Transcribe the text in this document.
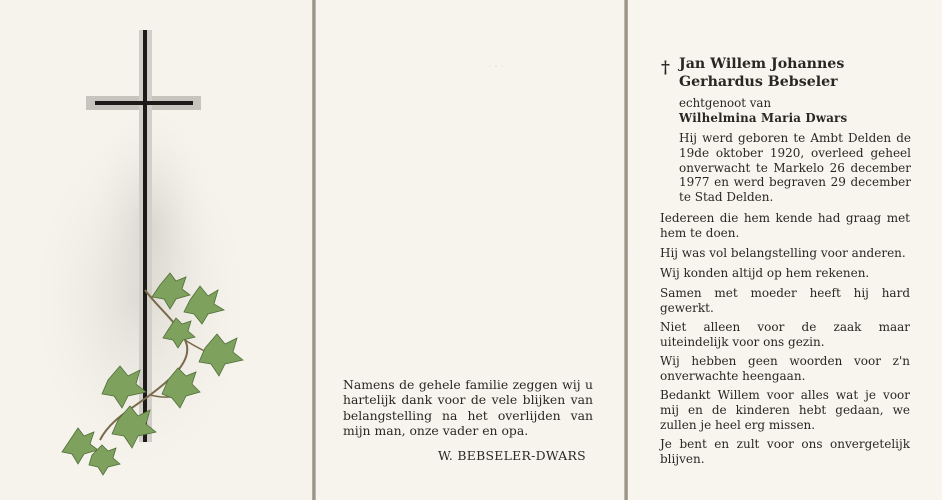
· · ·

Namens de gehele familie zeggen wij u hartelijk dank voor de vele blijken van belangstelling na het overlijden van mijn man, onze vader en opa.

W. BEBSELER-DWARS
† Jan Willem Johannes Gerhardus Bebseler

echtgenoot van
Wilhelmina Maria Dwars

Hij werd geboren te Ambt Delden de 19de oktober 1920, overleed geheel onverwacht te Markelo 26 december 1977 en werd begraven 29 december te Stad Delden.

Iedereen die hem kende had graag met hem te doen.

Hij was vol belangstelling voor anderen.

Wij konden altijd op hem rekenen.

Samen met moeder heeft hij hard gewerkt.

Niet alleen voor de zaak maar uiteindelijk voor ons gezin.

Wij hebben geen woorden voor z'n onverwachte heengaan.

Bedankt Willem voor alles wat je voor mij en de kinderen hebt gedaan, we zullen je heel erg missen.

Je bent en zult voor ons onvergetelijk blijven.
